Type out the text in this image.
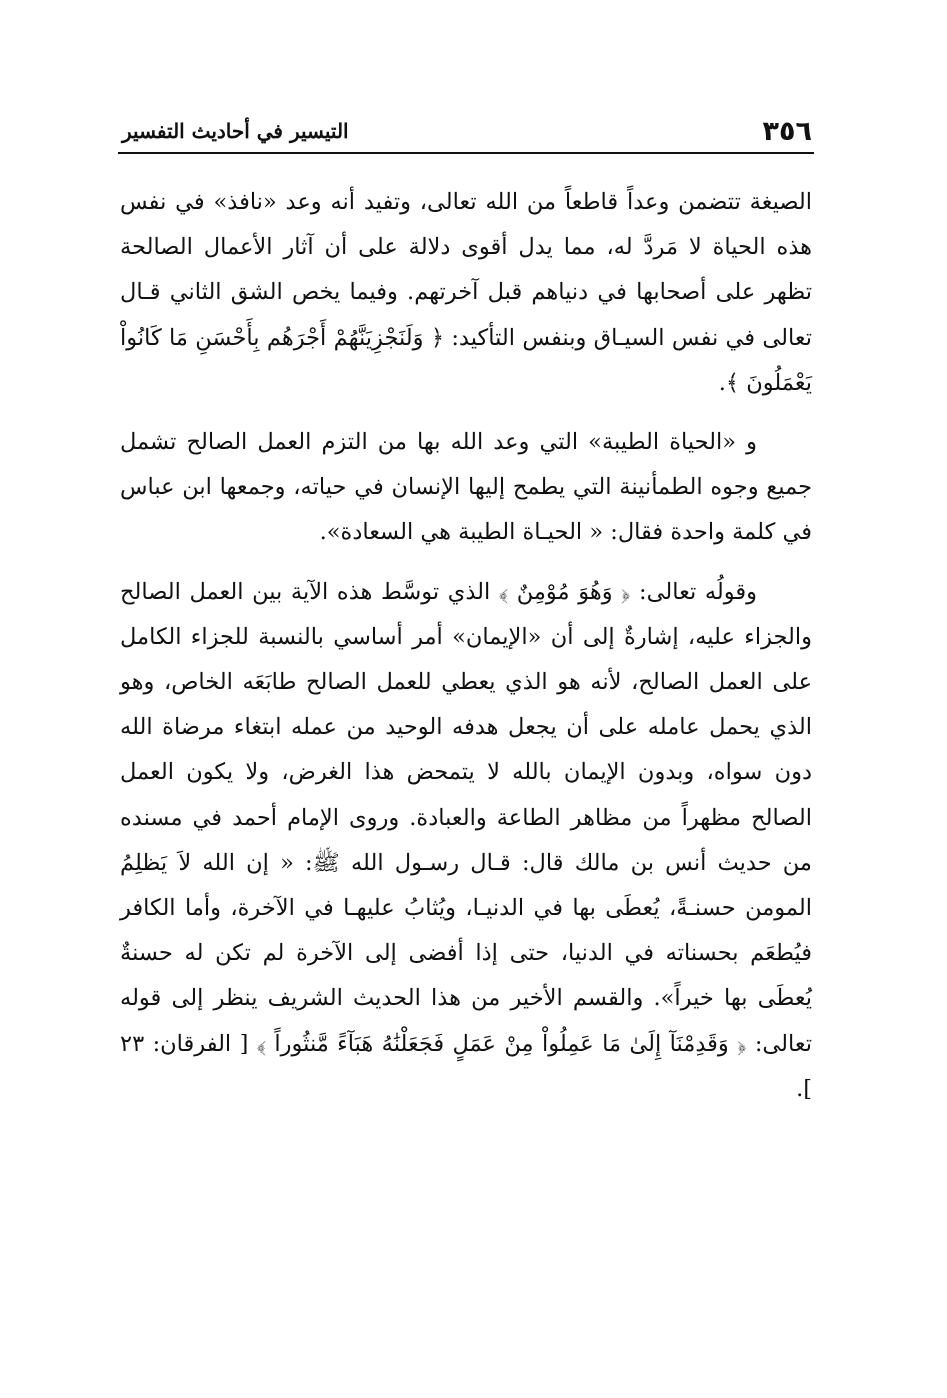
٣٥٦
التيسير في أحاديث التفسير

الصيغة تتضمن وعداً قاطعاً من الله تعالى، وتفيد أنه وعد «نافذ» في نفس هذه الحياة لا مَردَّ له، مما يدل أقوى دلالة على أن آثار الأعمال الصالحة تظهر على أصحابها في دنياهم قبل آخرتهم. وفيما يخص الشق الثاني قـال تعالى في نفس السيـاق وبنفس التأكيد: ﴿ وَلَنَجْزِيَنَّهُمْ أَجْرَهُم بِأَحْسَنِ مَا كَانُواْ يَعْمَلُونَ ﴾.

و «الحياة الطيبة» التي وعد الله بها من التزم العمل الصالح تشمل جميع وجوه الطمأنينة التي يطمح إليها الإنسان في حياته، وجمعها ابن عباس في كلمة واحدة فقال: « الحيـاة الطيبة هي السعادة».

وقولُه تعالى: ﴿ وَهُوَ مُوْمِنٌ ﴾ الذي توسَّط هذه الآية بين العمل الصالح والجزاء عليه، إشارةٌ إلى أن «الإيمان» أمر أساسي بالنسبة للجزاء الكامل على العمل الصالح، لأنه هو الذي يعطي للعمل الصالح طابَعَه الخاص، وهو الذي يحمل عامله على أن يجعل هدفه الوحيد من عمله ابتغاء مرضاة الله دون سواه، وبدون الإيمان بالله لا يتمحض هذا الغرض، ولا يكون العمل الصالح مظهراً من مظاهر الطاعة والعبادة. وروى الإمام أحمد في مسنده من حديث أنس بن مالك قال: قـال رسـول الله ﷺ: « إن الله لاَ يَظلِمُ المومن حسنـةً، يُعطَى بها في الدنيـا، ويُثابُ عليهـا في الآخرة، وأما الكافر فيُطعَم بحسناته في الدنيا، حتى إذا أفضى إلى الآخرة لم تكن له حسنةٌ يُعطَى بها خيراً». والقسم الأخير من هذا الحديث الشريف ينظر إلى قوله تعالى: ﴿ وَقَدِمْنَآ إِلَىٰ مَا عَمِلُواْ مِنْ عَمَلٍ فَجَعَلْنَٰهُ هَبَآءً مَّنثُوراً ﴾ [ الفرقان: ٢٣ ].
